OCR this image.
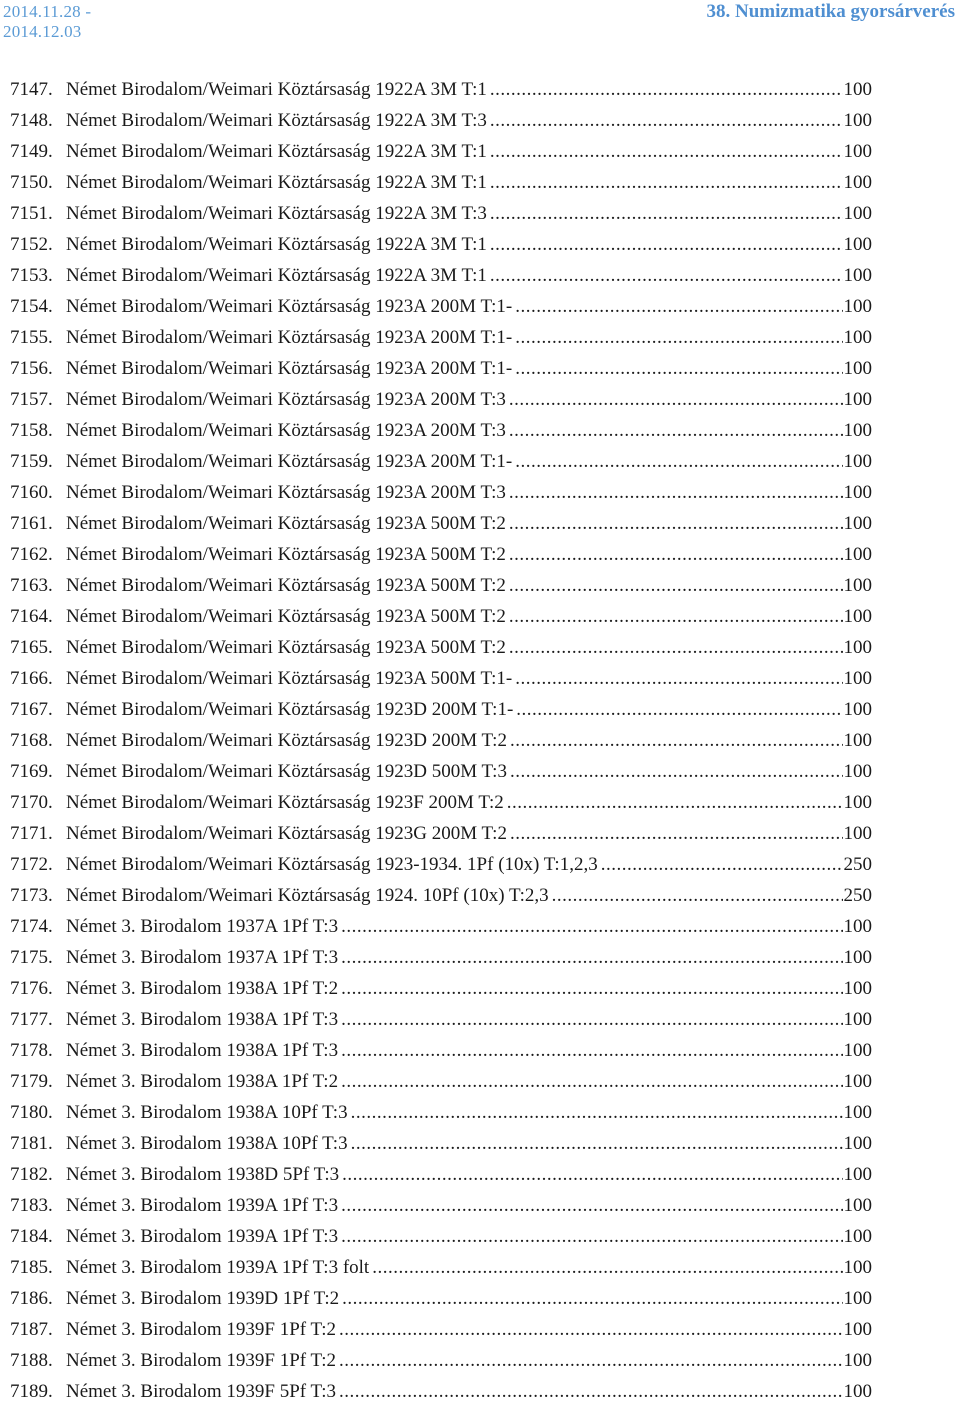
2014.11.28 - 2014.12.03
38. Numizmatika gyorsárverés
7147. Német Birodalom/Weimari Köztársaság 1922A 3M T:1 .....	100
7148. Német Birodalom/Weimari Köztársaság 1922A 3M T:3 .....	100
7149. Német Birodalom/Weimari Köztársaság 1922A 3M T:1 .....	100
7150. Német Birodalom/Weimari Köztársaság 1922A 3M T:1 .....	100
7151. Német Birodalom/Weimari Köztársaság 1922A 3M T:3 .....	100
7152. Német Birodalom/Weimari Köztársaság 1922A 3M T:1 .....	100
7153. Német Birodalom/Weimari Köztársaság 1922A 3M T:1 .....	100
7154. Német Birodalom/Weimari Köztársaság 1923A 200M T:1- .....	100
7155. Német Birodalom/Weimari Köztársaság 1923A 200M T:1- .....	100
7156. Német Birodalom/Weimari Köztársaság 1923A 200M T:1- .....	100
7157. Német Birodalom/Weimari Köztársaság 1923A 200M T:3 .....	100
7158. Német Birodalom/Weimari Köztársaság 1923A 200M T:3 .....	100
7159. Német Birodalom/Weimari Köztársaság 1923A 200M T:1- .....	100
7160. Német Birodalom/Weimari Köztársaság 1923A 200M T:3 .....	100
7161. Német Birodalom/Weimari Köztársaság 1923A 500M T:2 .....	100
7162. Német Birodalom/Weimari Köztársaság 1923A 500M T:2 .....	100
7163. Német Birodalom/Weimari Köztársaság 1923A 500M T:2 .....	100
7164. Német Birodalom/Weimari Köztársaság 1923A 500M T:2 .....	100
7165. Német Birodalom/Weimari Köztársaság 1923A 500M T:2 .....	100
7166. Német Birodalom/Weimari Köztársaság 1923A 500M T:1- .....	100
7167. Német Birodalom/Weimari Köztársaság 1923D 200M T:1- .....	100
7168. Német Birodalom/Weimari Köztársaság 1923D 200M T:2 .....	100
7169. Német Birodalom/Weimari Köztársaság 1923D 500M T:3 .....	100
7170. Német Birodalom/Weimari Köztársaság 1923F 200M T:2 .....	100
7171. Német Birodalom/Weimari Köztársaság 1923G 200M T:2 .....	100
7172. Német Birodalom/Weimari Köztársaság 1923-1934. 1Pf (10x) T:1,2,3 .....	250
7173. Német Birodalom/Weimari Köztársaság 1924. 10Pf (10x) T:2,3 .....	250
7174. Német 3. Birodalom 1937A 1Pf T:3 .....	100
7175. Német 3. Birodalom 1937A 1Pf T:3 .....	100
7176. Német 3. Birodalom 1938A 1Pf T:2 .....	100
7177. Német 3. Birodalom 1938A 1Pf T:3 .....	100
7178. Német 3. Birodalom 1938A 1Pf T:3 .....	100
7179. Német 3. Birodalom 1938A 1Pf T:2 .....	100
7180. Német 3. Birodalom 1938A 10Pf T:3 .....	100
7181. Német 3. Birodalom 1938A 10Pf T:3 .....	100
7182. Német 3. Birodalom 1938D 5Pf T:3 .....	100
7183. Német 3. Birodalom 1939A 1Pf T:3 .....	100
7184. Német 3. Birodalom 1939A 1Pf T:3 .....	100
7185. Német 3. Birodalom 1939A 1Pf T:3 folt .....	100
7186. Német 3. Birodalom 1939D 1Pf T:2 .....	100
7187. Német 3. Birodalom 1939F 1Pf T:2 .....	100
7188. Német 3. Birodalom 1939F 1Pf T:2 .....	100
7189. Német 3. Birodalom 1939F 5Pf T:3 .....	100
